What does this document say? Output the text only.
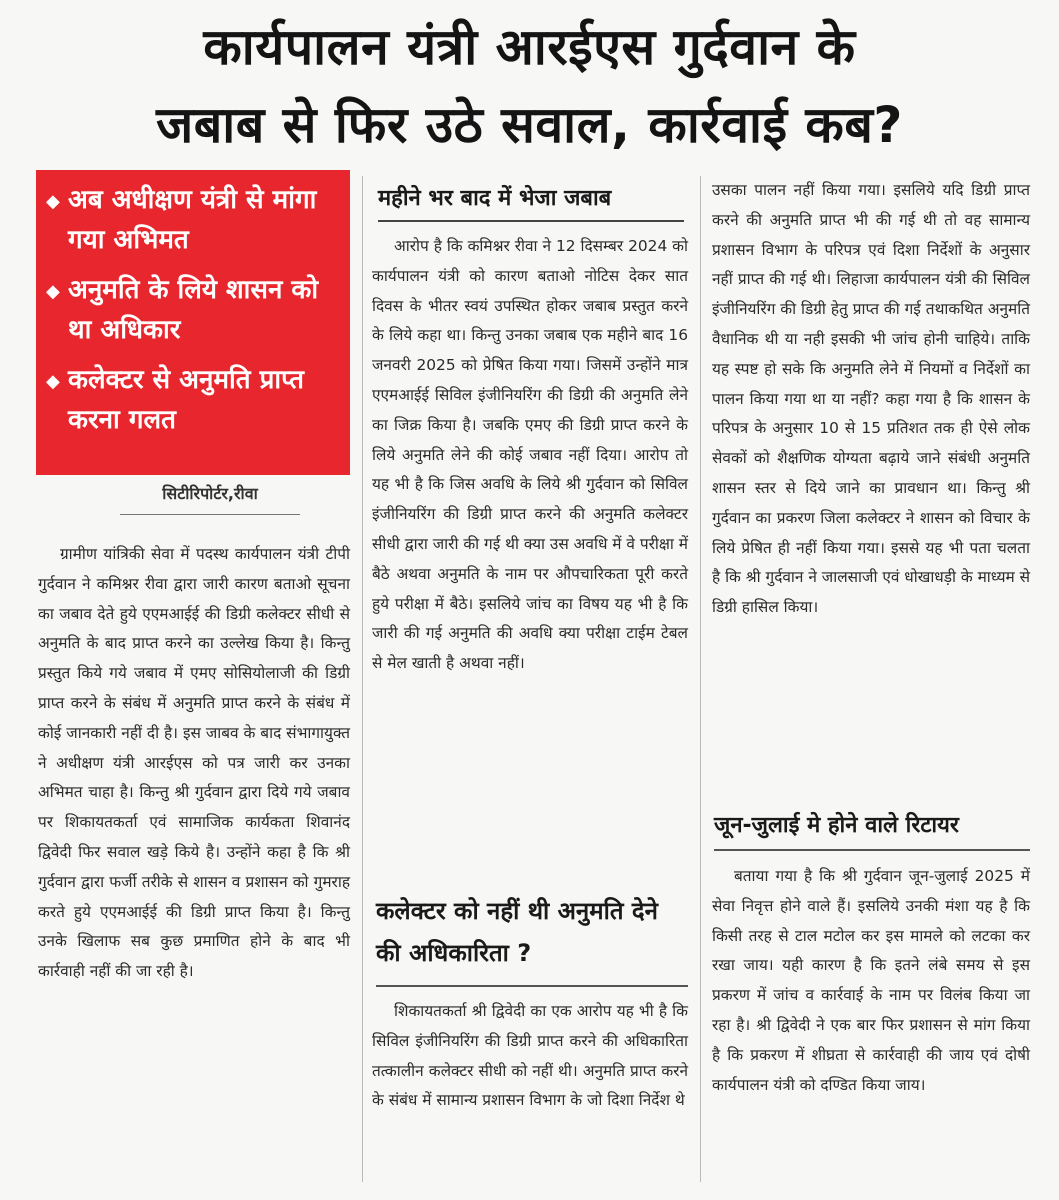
कार्यपालन यंत्री आरईएस गुर्दवान के
जबाब से फिर उठे सवाल, कार्रवाई कब?
◆ अब अधीक्षण यंत्री से मांगा गया अभिमत
◆ अनुमति के लिये शासन को था अधिकार
◆ कलेक्टर से अनुमति प्राप्त करना गलत
सिटीरिपोर्टर,रीवा

ग्रामीण यांत्रिकी सेवा में पदस्थ कार्यपालन यंत्री टीपी गुर्दवान ने कमिश्नर रीवा द्वारा जारी कारण बताओ सूचना का जबाव देते हुये एएमआईई की डिग्री कलेक्टर सीधी से अनुमति के बाद प्राप्त करने का उल्लेख किया है। किन्तु प्रस्तुत किये गये जबाव में एमए सोसियोलाजी की डिग्री प्राप्त करने के संबंध में अनुमति प्राप्त करने के संबंध में कोई जानकारी नहीं दी है। इस जाबव के बाद संभागायुक्त ने अधीक्षण यंत्री आरईएस को पत्र जारी कर उनका अभिमत चाहा है। किन्तु श्री गुर्दवान द्वारा दिये गये जबाव पर शिकायतकर्ता एवं सामाजिक कार्यकता शिवानंद द्विवेदी फिर सवाल खड़े किये है। उन्होंने कहा है कि श्री गुर्दवान द्वारा फर्जी तरीके से शासन व प्रशासन को गुमराह करते हुये एएमआईई की डिग्री प्राप्त किया है। किन्तु उनके खिलाफ सब कुछ प्रमाणित होने के बाद भी कार्रवाही नहीं की जा रही है।

महीने भर बाद में भेजा जबाब

आरोप है कि कमिश्नर रीवा ने 12 दिसम्बर 2024 को कार्यपालन यंत्री को कारण बताओ नोटिस देकर सात दिवस के भीतर स्वयं उपस्थित होकर जबाब प्रस्तुत करने के लिये कहा था। किन्तु उनका जबाब एक महीने बाद 16 जनवरी 2025 को प्रेषित किया गया। जिसमें उन्होंने मात्र एएमआईई सिविल इंजीनियरिंग की डिग्री की अनुमति लेने का जिक्र किया है। जबकि एमए की डिग्री प्राप्त करने के लिये अनुमति लेने की कोई जबाव नहीं दिया। आरोप तो यह भी है कि जिस अवधि के लिये श्री गुर्दवान को सिविल इंजीनियरिंग की डिग्री प्राप्त करने की अनुमति कलेक्टर सीधी द्वारा जारी की गई थी क्या उस अवधि में वे परीक्षा में बैठे अथवा अनुमति के नाम पर औपचारिकता पूरी करते हुये परीक्षा में बैठे। इसलिये जांच का विषय यह भी है कि जारी की गई अनुमति की अवधि क्या परीक्षा टाईम टेबल से मेल खाती है अथवा नहीं।

कलेक्टर को नहीं थी अनुमति देने की अधिकारिता ?

शिकायतकर्ता श्री द्विवेदी का एक आरोप यह भी है कि सिविल इंजीनियरिंग की डिग्री प्राप्त करने की अधिकारिता तत्कालीन कलेक्टर सीधी को नहीं थी। अनुमति प्राप्त करने के संबंध में सामान्य प्रशासन विभाग के जो दिशा निर्देश थे

उसका पालन नहीं किया गया। इसलिये यदि डिग्री प्राप्त करने की अनुमति प्राप्त भी की गई थी तो वह सामान्य प्रशासन विभाग के परिपत्र एवं दिशा निर्देशों के अनुसार नहीं प्राप्त की गई थी। लिहाजा कार्यपालन यंत्री की सिविल इंजीनियरिंग की डिग्री हेतु प्राप्त की गई तथाकथित अनुमति वैधानिक थी या नही इसकी भी जांच होनी चाहिये। ताकि यह स्पष्ट हो सके कि अनुमति लेने में नियमों व निर्देशों का पालन किया गया था या नहीं? कहा गया है कि शासन के परिपत्र के अनुसार 10 से 15 प्रतिशत तक ही ऐसे लोक सेवकों को शैक्षणिक योग्यता बढ़ाये जाने संबंधी अनुमति शासन स्तर से दिये जाने का प्रावधान था। किन्तु श्री गुर्दवान का प्रकरण जिला कलेक्टर ने शासन को विचार के लिये प्रेषित ही नहीं किया गया। इससे यह भी पता चलता है कि श्री गुर्दवान ने जालसाजी एवं धोखाधड़ी के माध्यम से डिग्री हासिल किया।

जून-जुलाई मे होने वाले रिटायर

बताया गया है कि श्री गुर्दवान जून-जुलाई 2025 में सेवा निवृत्त होने वाले हैं। इसलिये उनकी मंशा यह है कि किसी तरह से टाल मटोल कर इस मामले को लटका कर रखा जाय। यही कारण है कि इतने लंबे समय से इस प्रकरण में जांच व कार्रवाई के नाम पर विलंब किया जा रहा है। श्री द्विवेदी ने एक बार फिर प्रशासन से मांग किया है कि प्रकरण में शीघ्रता से कार्रवाही की जाय एवं दोषी कार्यपालन यंत्री को दण्डित किया जाय।
